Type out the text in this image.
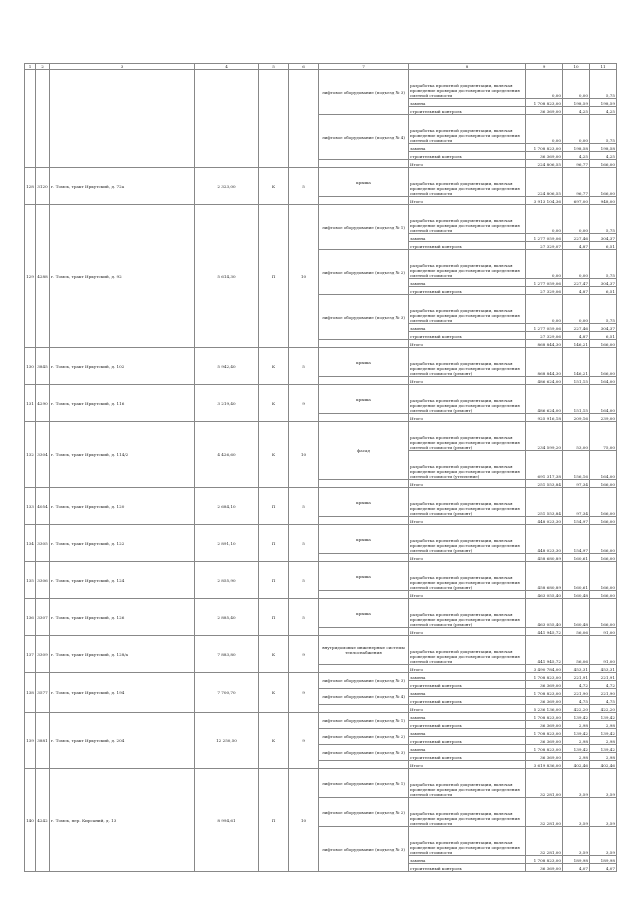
1	2	3	4	5	6	7	8	9	10	11
						лифтовое оборудование (подъезд № 3)	разработка проектной документации, включая проведение проверки достоверности определения сметной стоимости	0,00	0,00	5,75
							замена	1 708 823,00	198,59	198,59
							строительный контроль	36 369,00	4,25	4,25
						лифтовое оборудование (подъезд № 4)	разработка проектной документации, включая проведение проверки достоверности определения сметной стоимости	0,00	0,00	5,75
							замена	1 708 823,00	198,58	198,58
							строительный контроль	36 369,00	4,25	4,25
							Итого	224 806,55	96,77	166,00
128	3120	г. Томск, тракт Иркутский, д. 72а	2 323,00	К	5	крыша	разработка проектной документации, включая проведение проверки достоверности определения сметной стоимости	224 806,55	96,77	166,00
							Итого	3 913 104,36	697,00	948,00
129	4288	г. Томск, тракт Иркутский, д. 92	5 614,30	П	10	лифтовое оборудование (подъезд № 1)	разработка проектной документации, включая проведение проверки достоверности определения сметной стоимости	0,00	0,00	5,75
							замена	1 277 059,06	227,46	304,37
							строительный контроль	27 329,07	4,87	6,51
						лифтовое оборудование (подъезд № 2)	разработка проектной документации, включая проведение проверки достоверности определения сметной стоимости	0,00	0,00	5,75
							замена	1 277 059,06	227,47	304,37
							строительный контроль	27 329,06	4,87	6,51
						лифтовое оборудование (подъезд № 3)	разработка проектной документации, включая проведение проверки достоверности определения сметной стоимости	0,00	0,00	5,75
							замена	1 277 059,06	227,46	304,37
							строительный контроль	27 329,06	4,87	6,51
							Итого	868 844,30	146,21	166,00
130	3845	г. Томск, тракт Иркутский, д. 102	5 942,40	К	5	крыша	разработка проектной документации, включая проведение проверки достоверности определения сметной стоимости (ремонт)	868 844,30	146,21	166,00
							Итого	486 624,00	151,15	164,00
131	4290	г. Томск, тракт Иркутский, д. 116	3 219,40	К	9	крыша	разработка проектной документации, включая проведение проверки достоверности определения сметной стоимости (ремонт)	486 624,00	151,15	164,00
							Итого	925 916,18	209,16	239,00
132	3304	г. Томск, тракт Иркутский, д. 114/2	4 426,60	К	10	фасад	разработка проектной документации, включая проведение проверки достоверности определения сметной стоимости (ремонт)	234 599,20	53,00	75,00
							разработка проектной документации, включая проведение проверки достоверности определения сметной стоимости (утепление)	691 317,38	156,16	164,00
							Итого	251 553,84	97,34	166,00
133	4054	г. Томск, тракт Иркутский, д. 120	2 684,10	П	5	крыша	разработка проектной документации, включая проведение проверки достоверности определения сметной стоимости (ремонт)	251 553,84	97,34	166,00
							Итого	448 023,30	154,97	166,00
134	3305	г. Томск, тракт Иркутский, д. 122	2 891,10	П	5	крыша	разработка проектной документации, включая проведение проверки достоверности определения сметной стоимости (ремонт)	448 023,30	154,97	166,00
							Итого	458 680,89	160,61	166,00
135	3306	г. Томск, тракт Иркутский, д. 124	2 855,90	П	5	крыша	разработка проектной документации, включая проведение проверки достоверности определения сметной стоимости (ремонт)	458 680,89	160,61	166,00
							Итого	463 055,40	160,48	166,00
136	3307	г. Томск, тракт Иркутский, д. 126	2 885,40	П	5	крыша	разработка проектной документации, включая проведение проверки достоверности определения сметной стоимости (ремонт)	463 055,40	160,48	166,00
							Итого	441 945,72	56,06	91,00
137	3309	г. Томск, тракт Иркутский, д. 128/а	7 883,80	К	9	внутридомовые инженерные системы теплоснабжения	разработка проектной документации, включая проведение проверки достоверности определения сметной стоимости	441 945,72	56,06	91,00
							Итого	3 490 784,00	453,31	453,31
138	3577	г. Томск, тракт Иркутский, д. 194	7 700,70	К	9	лифтовое оборудование (подъезд № 3)	замена	1 708 823,00	221,91	221,91
							строительный контроль	36 369,00	4,72	4,72
						лифтовое оборудование (подъезд № 4)	замена	1 708 823,00	221,90	221,90
							строительный контроль	36 369,00	4,75	4,75
							Итого	5 236 136,00	422,20	422,20
139	3881	г. Томск, тракт Иркутский, д. 204	12 250,50	К	9	лифтовое оборудование (подъезд № 1)	замена	1 708 823,00	139,42	139,42
							строительный контроль	36 369,00	2,98	2,98
						лифтовое оборудование (подъезд № 2)	замена	1 708 823,00	139,42	139,42
							строительный контроль	36 369,00	2,98	2,98
						лифтовое оборудование (подъезд № 3)	замена	1 708 823,00	139,42	139,42
							строительный контроль	36 369,00	2,98	2,98
							Итого	3 619 836,00	402,46	402,46
140	4242	г. Томск, пер. Кирсаний, д. 13	8 994,61	П	10	лифтовое оборудование (подъезд № 1)	разработка проектной документации, включая проведение проверки достоверности определения сметной стоимости	32 281,00	3,59	3,59
						лифтовое оборудование (подъезд № 2)	разработка проектной документации, включая проведение проверки достоверности определения сметной стоимости	32 281,00	3,59	3,59
						лифтовое оборудование (подъезд № 3)	разработка проектной документации, включая проведение проверки достоверности определения сметной стоимости	32 281,00	3,59	3,59
							замена	1 708 823,00	189,98	189,98
							строительный контроль	36 369,00	4,07	4,07
